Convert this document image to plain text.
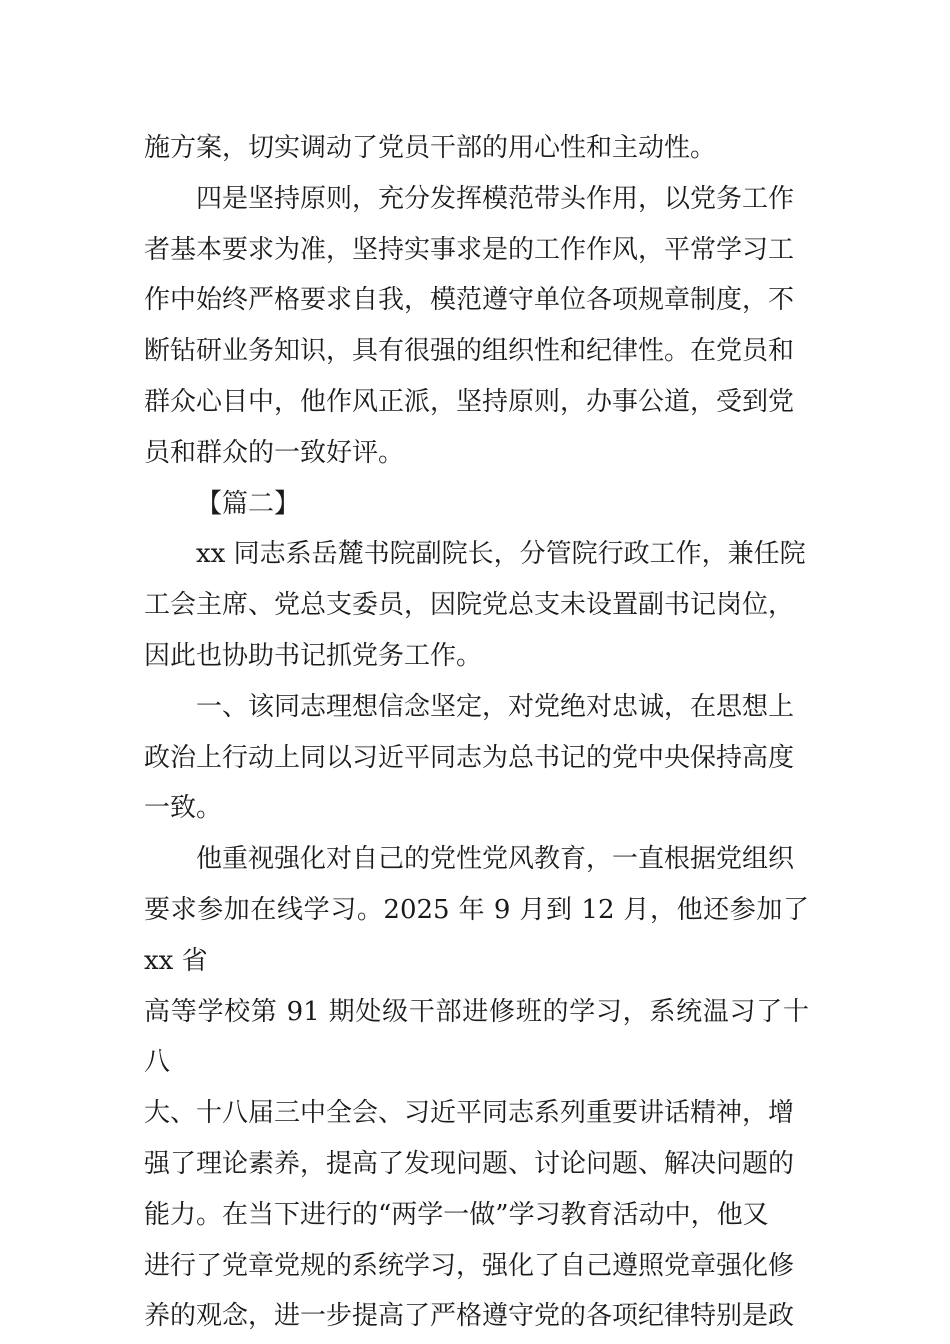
施方案，切实调动了党员干部的用心性和主动性。

四是坚持原则，充分发挥模范带头作用，以党务工作
者基本要求为准，坚持实事求是的工作作风，平常学习工
作中始终严格要求自我，模范遵守单位各项规章制度，不
断钻研业务知识，具有很强的组织性和纪律性。在党员和
群众心目中，他作风正派，坚持原则，办事公道，受到党
员和群众的一致好评。

【篇二】

xx 同志系岳麓书院副院长，分管院行政工作，兼任院
工会主席、党总支委员，因院党总支未设置副书记岗位，
因此也协助书记抓党务工作。

一、该同志理想信念坚定，对党绝对忠诚，在思想上
政治上行动上同以习近平同志为总书记的党中央保持高度
一致。

他重视强化对自己的党性党风教育，一直根据党组织
要求参加在线学习。2025 年 9 月到 12 月，他还参加了 xx 省
高等学校第 91 期处级干部进修班的学习，系统温习了十八
大、十八届三中全会、习近平同志系列重要讲话精神，增
强了理论素养，提高了发现问题、讨论问题、解决问题的
能力。在当下进行的“两学一做”学习教育活动中，他又
进行了党章党规的系统学习，强化了自己遵照党章强化修
养的观念，进一步提高了严格遵守党的各项纪律特别是政
